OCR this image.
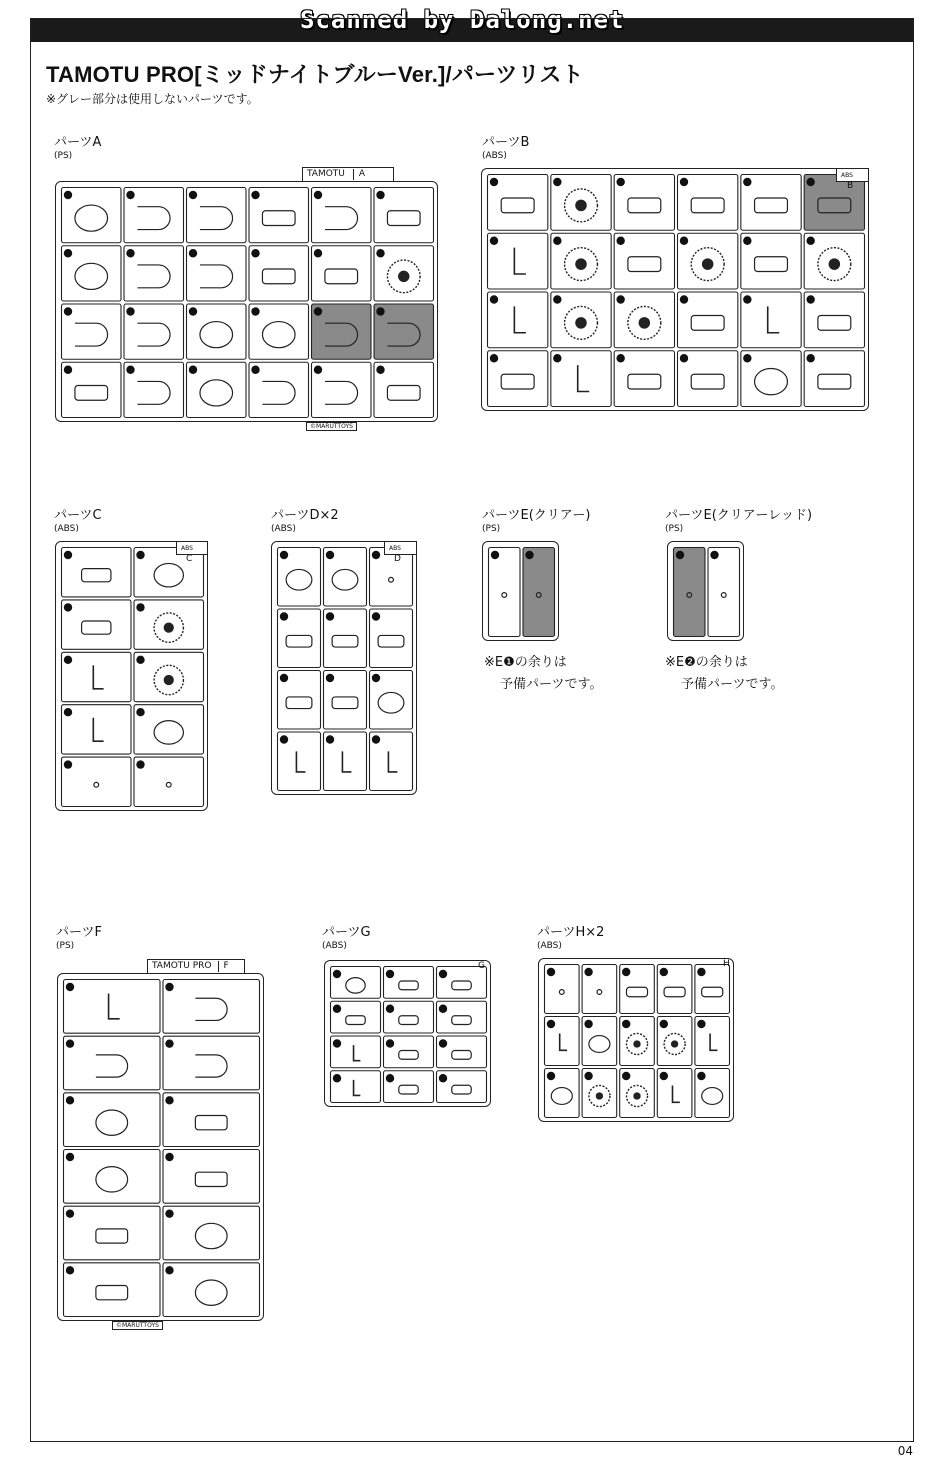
Scanned by Dalong.net
TAMOTU PRO[ミッドナイトブルーVer.]/パーツリスト
※グレー部分は使用しないパーツです。
パーツA
(PS)
TAMOTU A
©MARUTTOYS
パーツB
(ABS)
ABSB
パーツC
(ABS)
ABSC
パーツD×2
(ABS)
ABSD
パーツE(クリアー)
(PS)
※E❶の余りは
予備パーツです。
パーツE(クリアーレッド)
(PS)
※E❷の余りは
予備パーツです。
パーツF
(PS)
TAMOTU PRO F
©MARUTTOYS
パーツG
(ABS)
G
パーツH×2
(ABS)
H
04
